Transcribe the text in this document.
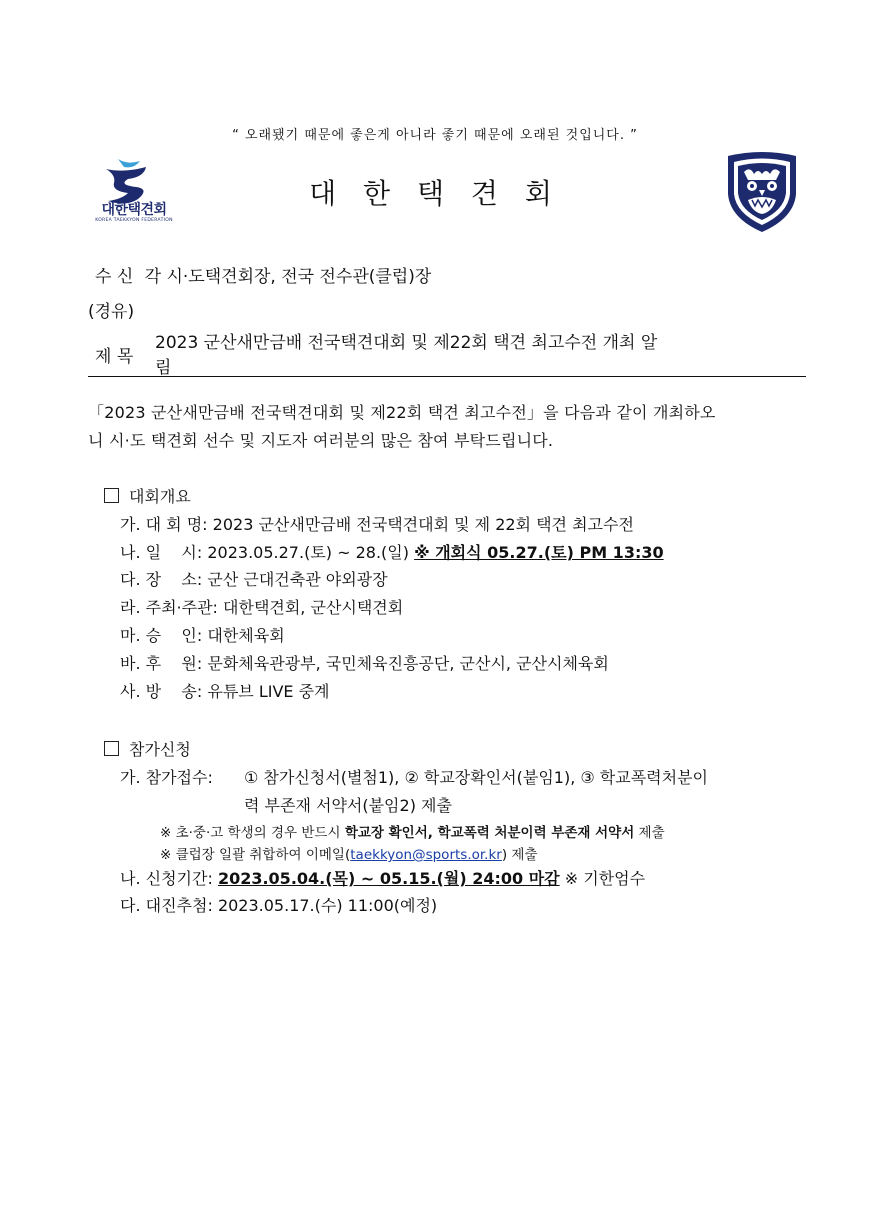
“ 오래됐기 때문에 좋은게 아니라 좋기 때문에 오래된 것입니다. ”
대한택견회
KOREA TAEKKYON FEDERATION
대 한 택 견 회
수 신 각 시·도택견회장, 전국 전수관(클럽)장
(경유)
제 목
2023 군산새만금배 전국택견대회 및 제22회 택견 최고수전 개최 알
림
「2023 군산새만금배 전국택견대회 및 제22회 택견 최고수전」을 다음과 같이 개최하오
니 시·도 택견회 선수 및 지도자 여러분의 많은 참여 부탁드립니다.
대회개요
가. 대 회 명: 2023 군산새만금배 전국택견대회 및 제 22회 택견 최고수전
나. 일    시: 2023.05.27.(토) ~ 28.(일) ※ 개회식 05.27.(토) PM 13:30
다. 장    소: 군산 근대건축관 야외광장
라. 주최·주관: 대한택견회, 군산시택견회
마. 승    인: 대한체육회
바. 후    원: 문화체육관광부, 국민체육진흥공단, 군산시, 군산시체육회
사. 방    송: 유튜브 LIVE 중계
참가신청
가. 참가접수: ① 참가신청서(별첨1), ② 학교장확인서(붙임1), ③ 학교폭력처분이
력 부존재 서약서(붙임2) 제출
※ 초·중·고 학생의 경우 반드시 학교장 확인서, 학교폭력 처분이력 부존재 서약서 제출
※ 클럽장 일괄 취합하여 이메일(taekkyon@sports.or.kr) 제출
나. 신청기간: 2023.05.04.(목) ~ 05.15.(월) 24:00 마감 ※ 기한엄수
다. 대진추첨: 2023.05.17.(수) 11:00(예정)
